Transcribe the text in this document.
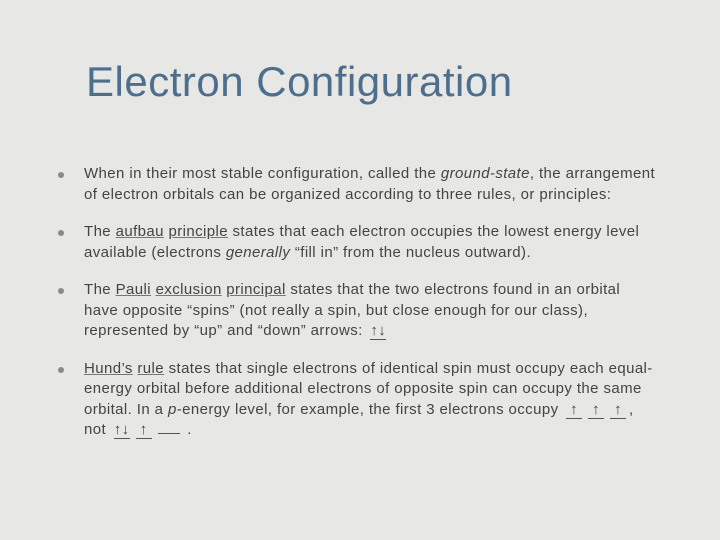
Electron Configuration
When in their most stable configuration, called the ground-state, the arrangement of electron orbitals can be organized according to three rules, or principles:
The aufbau principle states that each electron occupies the lowest energy level available (electrons generally “fill in” from the nucleus outward).
The Pauli exclusion principal states that the two electrons found in an orbital have opposite “spins” (not really a spin, but close enough for our class), represented by “up” and “down” arrows: ↑↓
Hund’s rule states that single electrons of identical spin must occupy each equal-energy orbital before additional electrons of opposite spin can occupy the same orbital. In a p-energy level, for example, the first 3 electrons occupy ↑ ↑ ↑ , not ↑↓ ↑ .
